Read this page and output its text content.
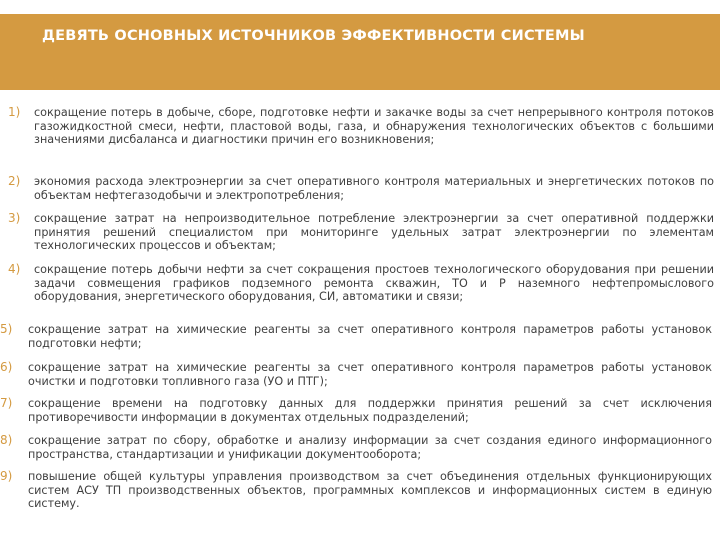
ДЕВЯТЬ ОСНОВНЫХ ИСТОЧНИКОВ ЭФФЕКТИВНОСТИ СИСТЕМЫ
1) сокращение потерь в добыче, сборе, подготовке нефти и закачке воды за счет непрерывного контроля потоков газожидкостной смеси, нефти, пластовой воды, газа, и обнаружения технологических объектов с большими значениями дисбаланса и диагностики причин его возникновения;
2) экономия расхода электроэнергии за счет оперативного контроля материальных и энергетических потоков по объектам нефтегазодобычи и электропотребления;
3) сокращение затрат на непроизводительное потребление электроэнергии за счет оперативной поддержки принятия решений специалистом при мониторинге удельных затрат электроэнергии по элементам технологических процессов и объектам;
4) сокращение потерь добычи нефти за счет сокращения простоев технологического оборудования при решении задачи совмещения графиков подземного ремонта скважин, ТО и Р наземного нефтепромыслового оборудования, энергетического оборудования, СИ, автоматики и связи;
5) сокращение затрат на химические реагенты за счет оперативного контроля параметров работы установок подготовки нефти;
6) сокращение затрат на химические реагенты за счет оперативного контроля параметров работы установок очистки и подготовки топливного газа (УО и ПТГ);
7) сокращение времени на подготовку данных для поддержки принятия решений за счет исключения противоречивости информации в документах отдельных подразделений;
8) сокращение затрат по сбору, обработке и анализу информации за счет создания единого информационного пространства, стандартизации и унификации документооборота;
9) повышение общей культуры управления производством за счет объединения отдельных функционирующих систем АСУ ТП производственных объектов, программных комплексов и информационных систем в единую систему.
